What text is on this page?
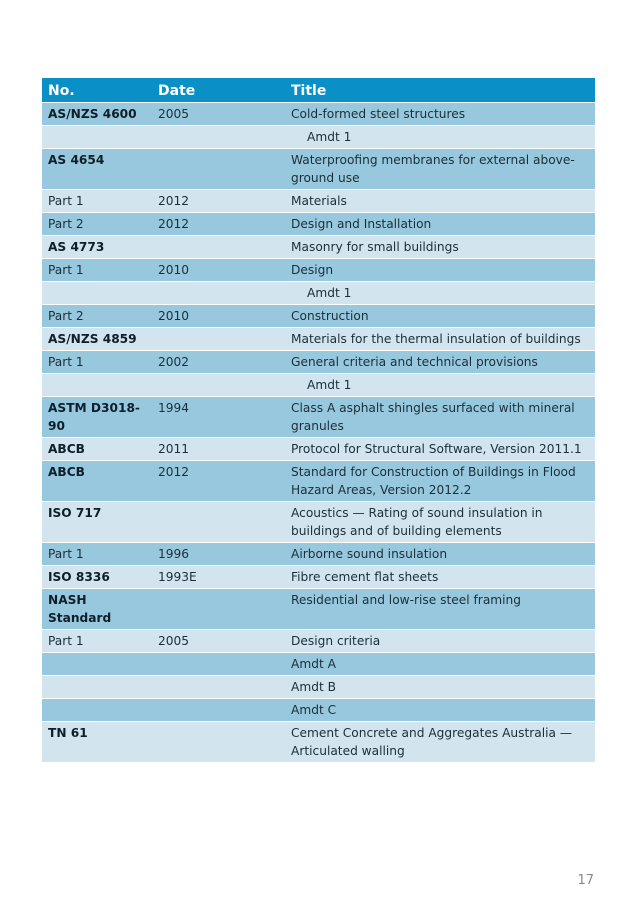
No.	Date	Title
AS/NZS 4600	2005	Cold-formed steel structures
		Amdt 1
AS 4654		Waterproofing membranes for external above-ground use
Part 1	2012	Materials
Part 2	2012	Design and Installation
AS 4773		Masonry for small buildings
Part 1	2010	Design
		Amdt 1
Part 2	2010	Construction
AS/NZS 4859		Materials for the thermal insulation of buildings
Part 1	2002	General criteria and technical provisions
		Amdt 1
ASTM D3018-90	1994	Class A asphalt shingles surfaced with mineral granules
ABCB	2011	Protocol for Structural Software, Version 2011.1
ABCB	2012	Standard for Construction of Buildings in Flood Hazard Areas, Version 2012.2
ISO 717		Acoustics — Rating of sound insulation in buildings and of building elements
Part 1	1996	Airborne sound insulation
ISO 8336	1993E	Fibre cement flat sheets
NASH Standard		Residential and low-rise steel framing
Part 1	2005	Design criteria
		Amdt A
		Amdt B
		Amdt C
TN 61		Cement Concrete and Aggregates Australia — Articulated walling
17
